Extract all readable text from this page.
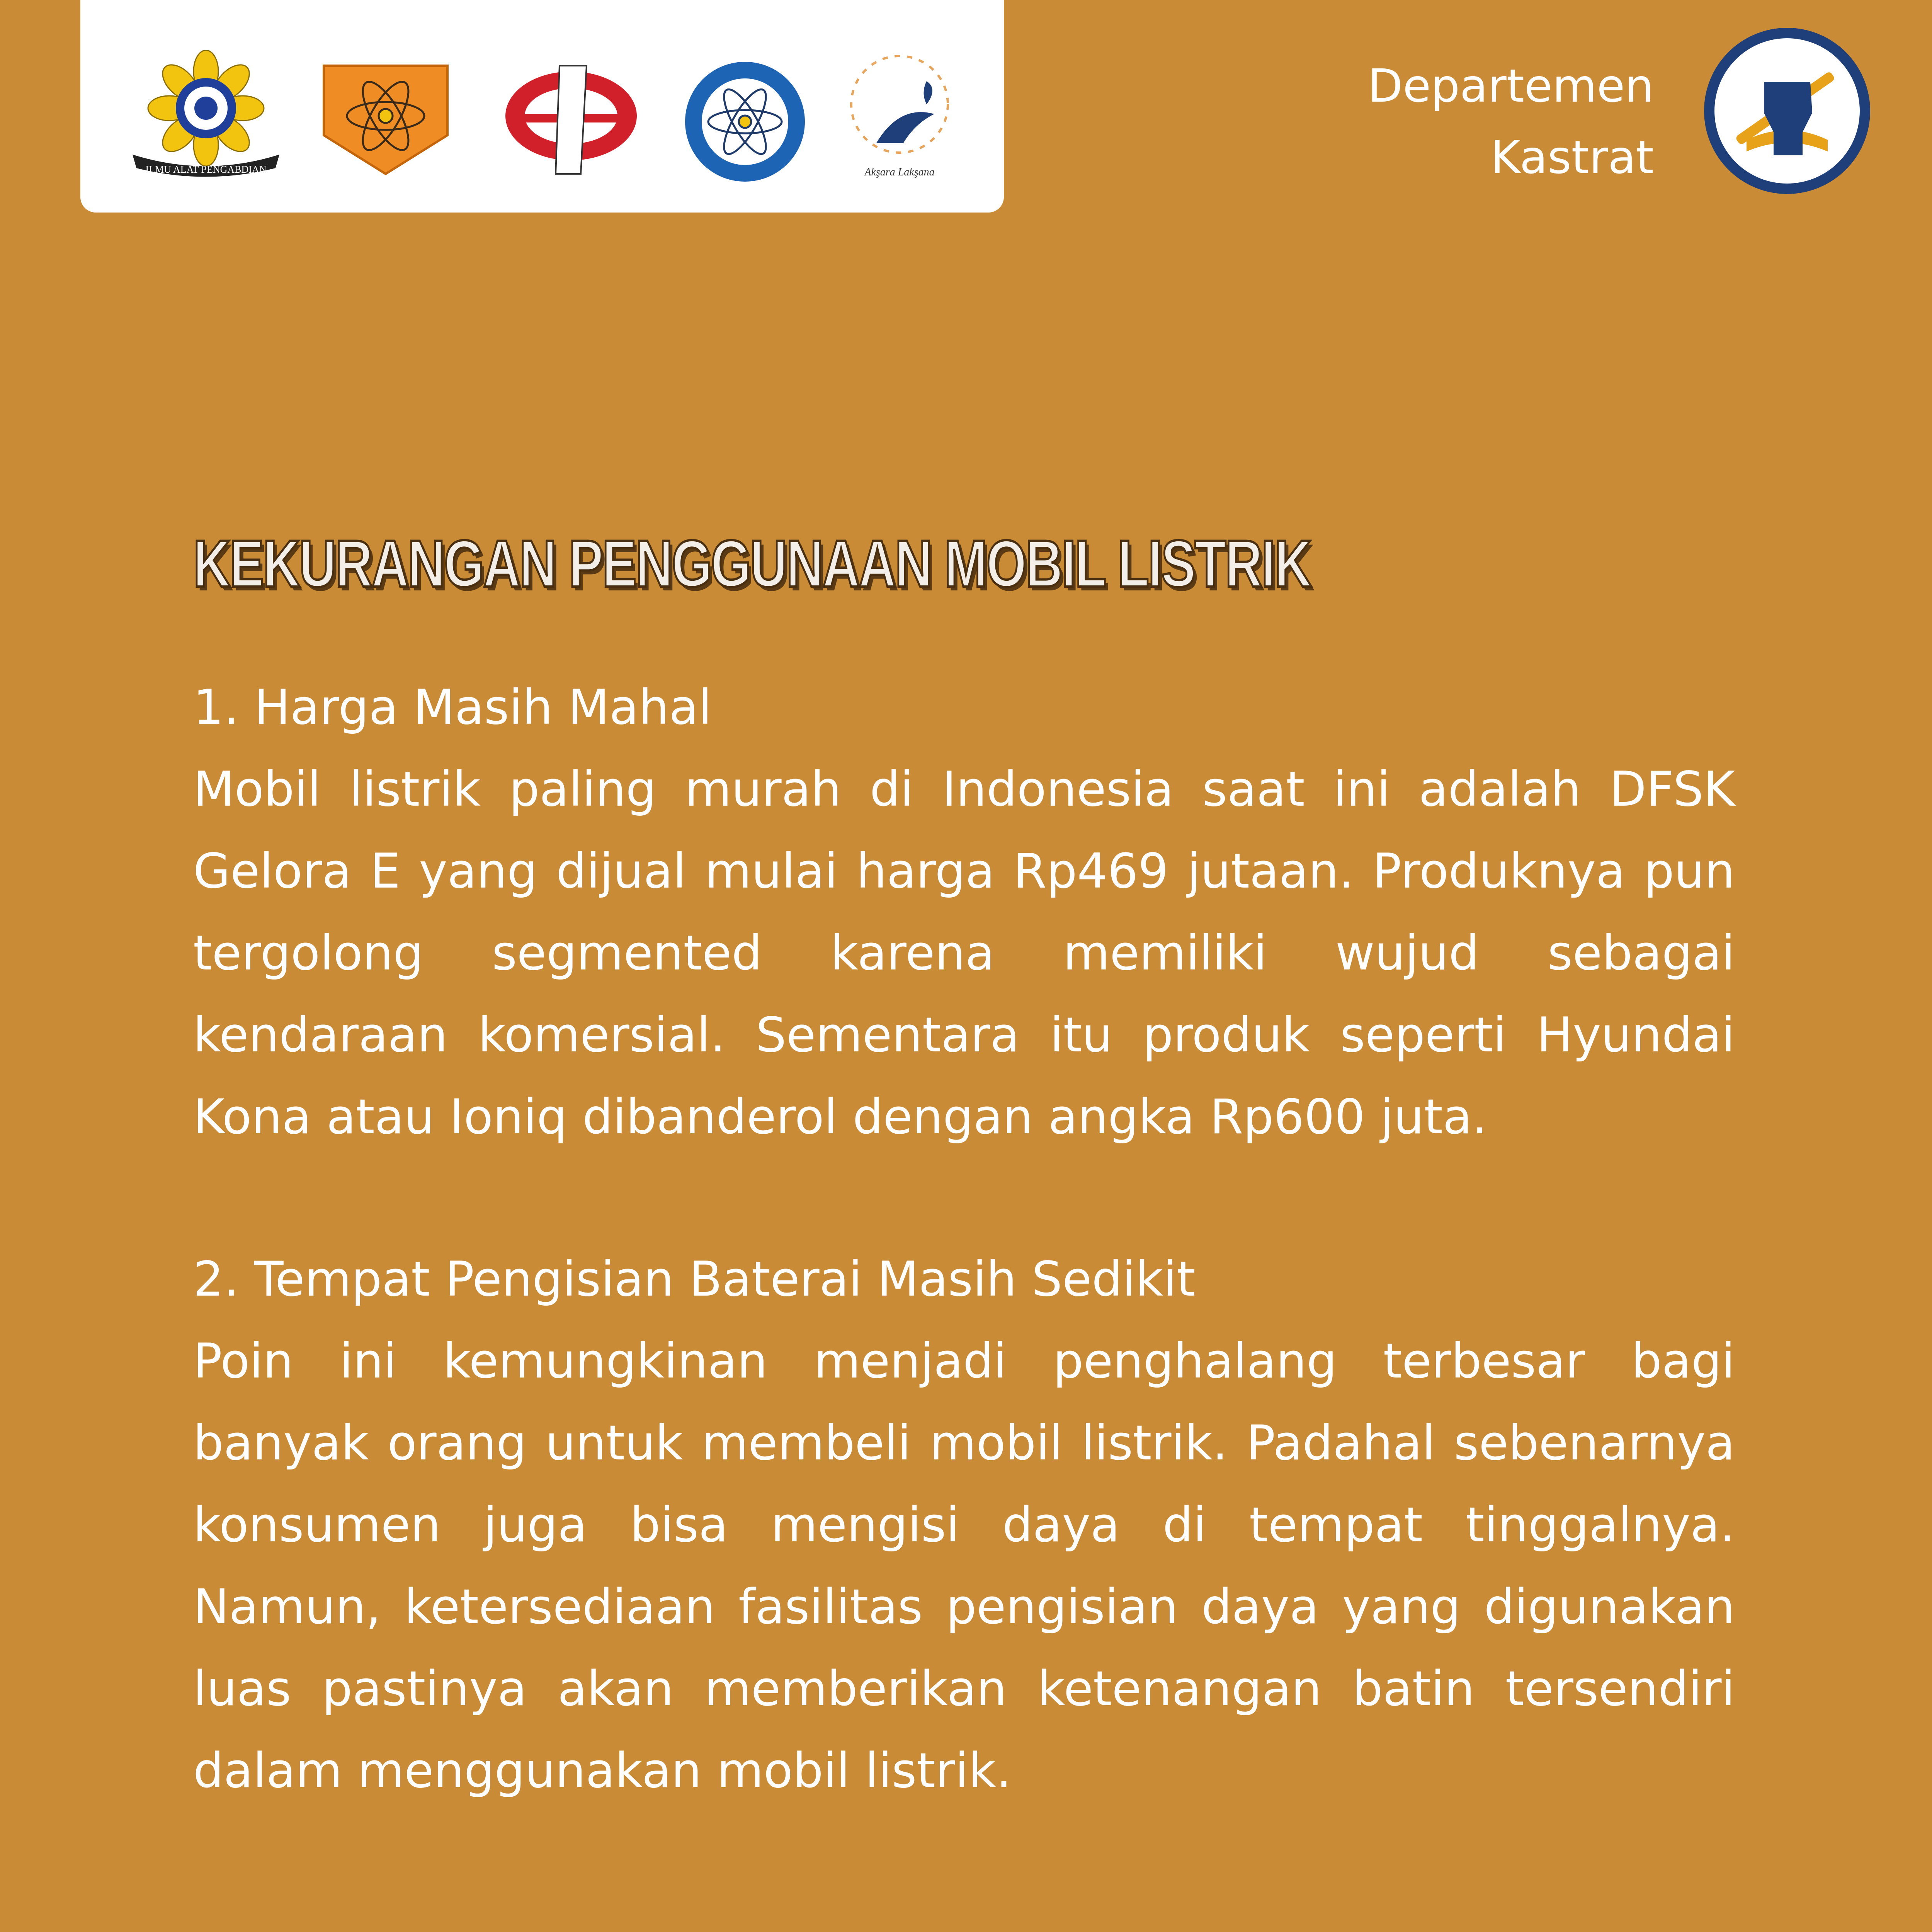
ILMU ALAT PENGABDIAN	Akşara Lakşana
Departemen
Kastrat
KEKURANGAN PENGGUNAAN MOBIL LISTRIK
1. Harga Masih Mahal

Mobil listrik paling murah di Indonesia saat ini adalah DFSK Gelora E yang dijual mulai harga Rp469 jutaan. Produknya pun tergolong segmented karena memiliki wujud sebagai kendaraan komersial. Sementara itu produk seperti Hyundai Kona atau Ioniq dibanderol dengan angka Rp600 juta.

2. Tempat Pengisian Baterai Masih Sedikit

Poin ini kemungkinan menjadi penghalang terbesar bagi banyak orang untuk membeli mobil listrik. Padahal sebenarnya konsumen juga bisa mengisi daya di tempat tinggalnya. Namun, ketersediaan fasilitas pengisian daya yang digunakan luas pastinya akan memberikan ketenangan batin tersendiri dalam menggunakan mobil listrik.
